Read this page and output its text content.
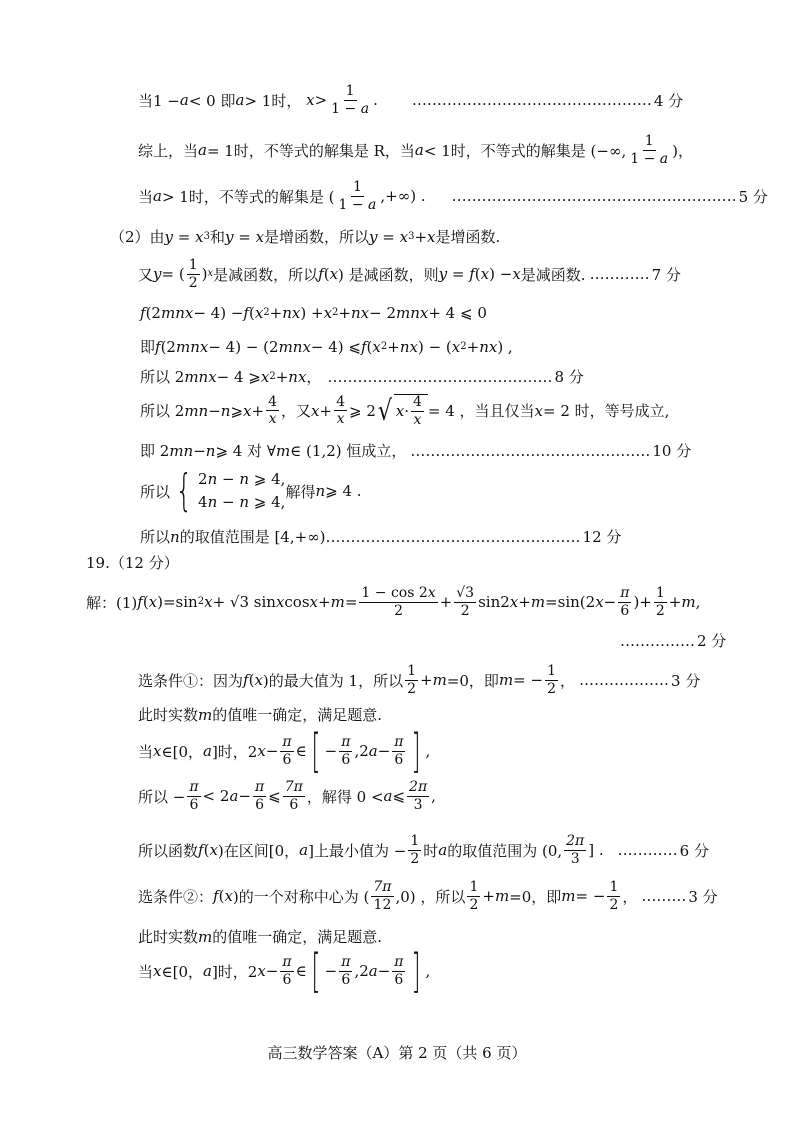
当1 − a < 0 即 a > 1时，
$x > \frac{1}{1 - a}$ . ………………………………………… 4 分
综上，当 a = 1时，不等式的解集是 R，当 a < 1时，不等式的解集是 (−∞, $\frac{1}{1 - a}$ )，
当 a > 1时，不等式的解集是 ( $\frac{1}{1 - a}$ ,+∞) . ………………………………………………… 5 分
（2）由 y = x 3 和 y = x 是增函数，所以 y = x 3 + x 是增函数.
又 y = ( $\frac{1}{2}$ ) x 是减函数，所以 f ( x ) 是减函数，则 y = f ( x ) − x 是减函数. ………… 7 分
f (2 mnx − 4) − f ( x 2 + nx ) + x 2 + nx − 2 mnx + 4 ⩽ 0
即 f (2 mnx − 4) − (2 mnx − 4) ⩽ f ( x 2 + nx ) − ( x 2 + nx ) ,
所以 2 mnx − 4 ⩾ x 2 + nx ， ……………………………………… 8 分
所以 2 mn − n ⩾ $x + \frac{4}{x}$ ，又 $x + \frac{4}{x}$ ⩾ 2 √ $x \cdot \frac{4}{x} = 4$ ，当且仅当 x = 2 时，等号成立,
即 2 mn − n ⩾ 4 对 ∀ m ∈ (1,2) 恒成立， ………………………………………… 10 分
所以 { 2n − n ⩾ 4,
4n − n ⩾ 4,
解得 n ⩾ 4 .
所以 n 的取值范围是 [4,+∞) …………………………………………… 12 分
19.（12 分）
解：(1) f ( x )=sin 2 x + √3 sin x $\cos x + m = \frac{1 - \cos 2x}{2} + \frac{√3}{2} \sin 2$ x + m =sin(2 $x - \frac{\pi}{6}$ )+ $\frac{1}{2} + m$ ,
…………… 2 分
选条件①：因为 f ( x )的最大值为 1，所以 $\frac{1}{2} + m =0$，即 m = − $\frac{1}{2}$ ， ……………… 3 分
此时实数 m 的值唯一确定，满足题意.
当 x ∈[0， a ]时，2 $x - \frac{\pi}{6}$ ∈ [ − $\frac{\pi}{6} ,2$ $a - \frac{\pi}{6}$ ] ,
所以 − $\frac{\pi}{6} < 2$ $a - \frac{\pi}{6}$ ⩽ $\frac{7\pi}{6}$ ，解得 0 < a ⩽ $\frac{2\pi}{3}$ ,
所以函数 f ( x )在区间[0， a ]上最小值为 − $\frac{1}{2}$ 时 a 的取值范围为 (0, $\frac{2\pi}{3}$ ] . ………… 6 分
选条件②： f ( x )的一个对称中心为 ( $\frac{7\pi}{12} ,0$) ，所以 $\frac{1}{2} + m =0$，即 m = − $\frac{1}{2}$ ， ……… 3 分
此时实数 m 的值唯一确定，满足题意.
当 x ∈[0， a ]时，2 $x - \frac{\pi}{6}$ ∈ [ − $\frac{\pi}{6} ,2$ $a - \frac{\pi}{6}$ ] ,
高三数学答案（A）第 2 页（共 6 页）
